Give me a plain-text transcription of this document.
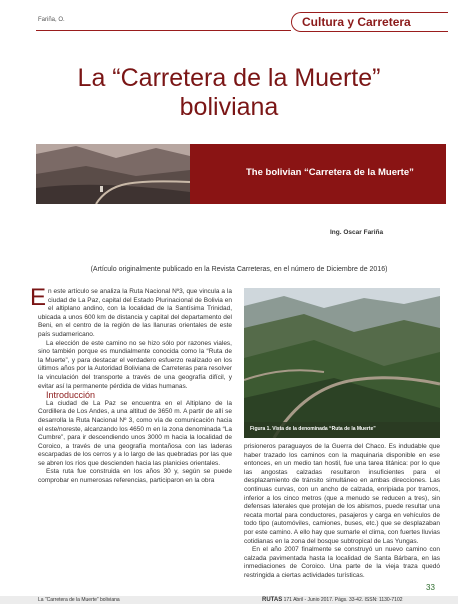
Fariña, O.	Cultura y Carretera
La “Carretera de la Muerte”
boliviana
The bolivian “Carretera de la Muerte”
Ing. Oscar Fariña
(Artículo originalmente publicado en la Revista Carreteras, en el número de Diciembre de 2016)

En este artículo se analiza la Ruta Nacional Nº3, que vincula a la ciudad de La Paz, capital del Estado Plurinacional de Bolivia en el altiplano andino, con la localidad de la Santísima Trinidad, ubicada a unos 600 km de distancia y capital del departamento del Beni, en el centro de la región de las llanuras orientales de este país sudamericano.

La elección de este camino no se hizo sólo por razones viales, sino también porque es mundialmente conocida como la “Ruta de la Muerte”, y para destacar el verdadero esfuerzo realizado en los últimos años por la Autoridad Boliviana de Carreteras para resolver la vinculación del transporte a través de una geografía difícil, y evitar así la permanente pérdida de vidas humanas.

Introducción

La ciudad de La Paz se encuentra en el Altiplano de la Cordillera de Los Andes, a una altitud de 3650 m. A partir de allí se desarrolla la Ruta Nacional Nº 3, como vía de comunicación hacia el este/noreste, alcanzando los 4650 m en la zona denominada “La Cumbre”, para ir descendiendo unos 3000 m hacia la localidad de Coroico, a través de una geografía montañosa con las laderas escarpadas de los cerros y a lo largo de las quebradas por las que se abren los ríos que descienden hacia las planicies orientales.

Esta ruta fue construida en los años 30 y, según se puede comprobar en numerosas referencias, participaron en la obra

Figura 1. Vista de la denominada “Ruta de la Muerte”

prisioneros paraguayos de la Guerra del Chaco. Es indudable que haber trazado los caminos con la maquinaria disponible en ese entonces, en un medio tan hostil, fue una tarea titánica: por lo que las angostas calzadas resultaron insuficientes para el desplazamiento de tránsito simultáneo en ambas direcciones. Las continuas curvas, con un ancho de calzada, enripiada por tramos, inferior a los cinco metros (que a menudo se reducen a tres), sin defensas laterales que protejan de los abismos, puede resultar una recata mortal para conductores, pasajeros y carga en vehículos de todo tipo (automóviles, camiones, buses, etc.) que se desplazaban por este camino. A ello hay que sumarle el clima, con fuertes lluvias cotidianas en la zona del bosque subtropical de Las Yungas.

En el año 2007 finalmente se construyó un nuevo camino con calzada pavimentada hasta la localidad de Santa Bárbara, en las inmediaciones de Coroico. Una parte de la vieja traza quedó restringida a ciertas actividades turísticas.

33
La “Carretera de la Muerte” boliviana	RUTAS 171 Abril - Junio 2017. Págs. 33-42. ISSN: 1130-7102
